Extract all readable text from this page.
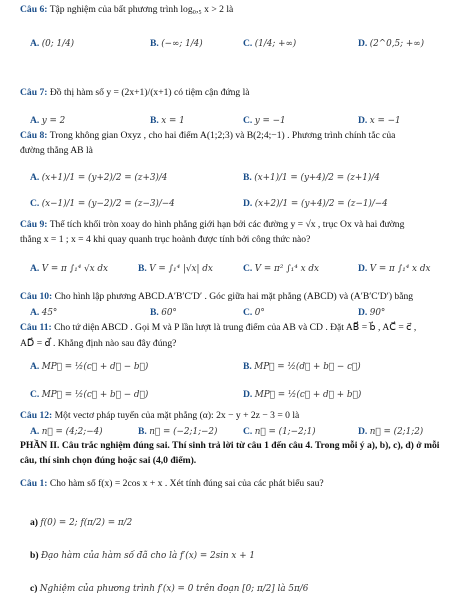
Câu 6: Tập nghiệm của bất phương trình log₀,₅ x > 2 là
A. (0; 1/4)	B. (−∞; 1/4)	C. (1/4; +∞)	D. (2^0,5; +∞)
Câu 7: Đồ thị hàm số y = (2x+1)/(x+1) có tiệm cận đứng là
A. y = 2	B. x = 1	C. y = −1	D. x = −1
Câu 8: Trong không gian Oxyz , cho hai điểm A(1;2;3) và B(2;4;−1) . Phương trình chính tắc của
đường thẳng AB là
A. (x+1)/1 = (y+2)/2 = (z+3)/4	B. (x+1)/1 = (y+4)/2 = (z+1)/4
C. (x−1)/1 = (y−2)/2 = (z−3)/−4	D. (x+2)/1 = (y+4)/2 = (z−1)/−4
Câu 9: Thể tích khối tròn xoay do hình phẳng giới hạn bởi các đường y = √x , trục Ox và hai đường
thẳng x = 1 ; x = 4 khi quay quanh trục hoành được tính bởi công thức nào?
A. V = π ∫₁⁴ √x dx	B. V = ∫₁⁴ |√x| dx	C. V = π² ∫₁⁴ x dx	D. V = π ∫₁⁴ x dx
Câu 10: Cho hình lập phương ABCD.A′B′C′D′ . Góc giữa hai mặt phẳng (ABCD) và (A′B′C′D′) bằng
A. 45°	B. 60°	C. 0°	D. 90°
Câu 11: Cho tứ diện ABCD . Gọi M và P lần lượt là trung điểm của AB và CD . Đặt AB⃗ = b⃗ , AC⃗ = c⃗ ,
AD⃗ = d⃗ . Khẳng định nào sau đây đúng?
A. MP⃗ = ½(c⃗ + d⃗ − b⃗)	B. MP⃗ = ½(d⃗ + b⃗ − c⃗)
C. MP⃗ = ½(c⃗ + b⃗ − d⃗)	D. MP⃗ = ½(c⃗ + d⃗ + b⃗)
Câu 12: Một vectơ pháp tuyến của mặt phẳng (α): 2x − y + 2z − 3 = 0 là
A. n⃗ = (4;2;−4)	B. n⃗ = (−2;1;−2)	C. n⃗ = (1;−2;1)	D. n⃗ = (2;1;2)
PHẦN II. Câu trắc nghiệm đúng sai. Thí sinh trả lời từ câu 1 đến câu 4. Trong mỗi ý a), b), c), d) ở mỗi
câu, thí sinh chọn đúng hoặc sai (4,0 điểm).
Câu 1: Cho hàm số f(x) = 2cos x + x . Xét tính đúng sai của các phát biểu sau?
a) f(0) = 2; f(π/2) = π/2
b) Đạo hàm của hàm số đã cho là f′(x) = 2sin x + 1
c) Nghiệm của phương trình f′(x) = 0 trên đoạn [0; π/2] là 5π/6
